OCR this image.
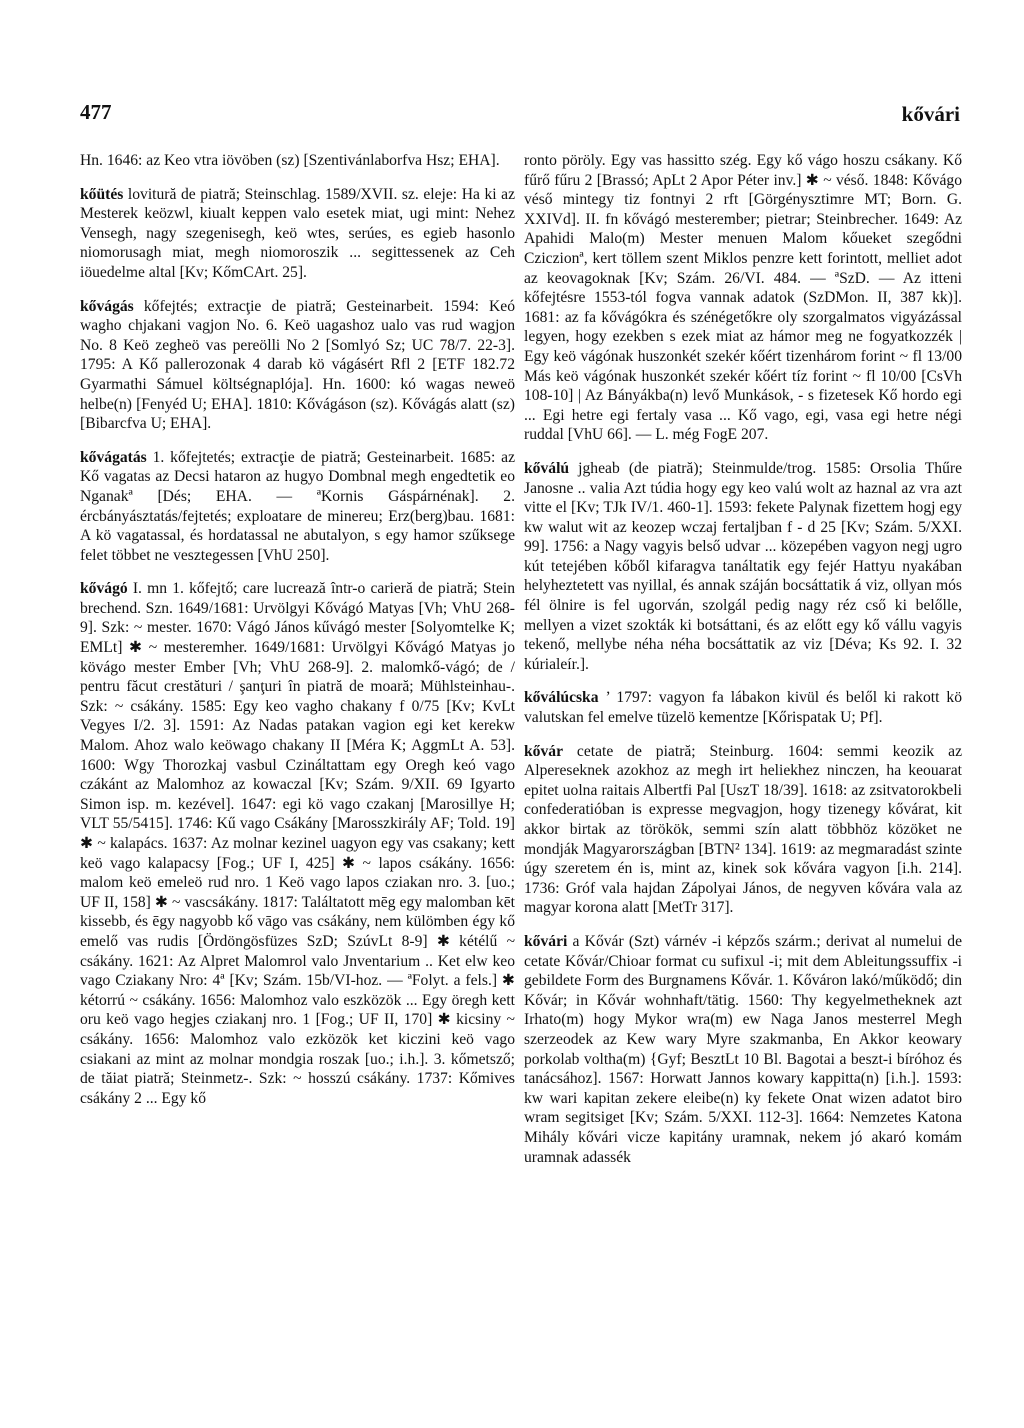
477	kővári

Hn. 1646: az Keo vtra iövöben (sz) [Szentivánlaborfva Hsz; EHA].

kőütés lovitură de piatră; Steinschlag. 1589/XVII. sz. eleje: Ha ki az Mesterek keözwl, kiualt keppen valo esetek miat, ugi mint: Nehez Vensegh, nagy szegenisegh, keö wtes, serúes, es egieb hasonlo niomorusagh miat, megh niomoroszik ... segittessenek az Ceh iöuedelme altal [Kv; KőmCArt. 25].

kővágás kőfejtés; extracţie de piatră; Gesteinarbeit. 1594: Keó wagho chjakani vagjon No. 6. Keö uagashoz ualo vas rud wagjon No. 8 Keö zegheö vas pereölli No 2 [Somlyó Sz; UC 78/7. 22-3]. 1795: A Kő pallerozonak 4 darab kö vágásért Rfl 2 [ETF 182.72 Gyarmathi Sámuel költségnaplója]. Hn. 1600: kó wagas neweö helbe(n) [Fenyéd U; EHA]. 1810: Kővágáson (sz). Kővágás alatt (sz) [Bibarcfva U; EHA].

kővágatás 1. kőfejtetés; extracţie de piatră; Gesteinarbeit. 1685: az Kő vagatas az Decsi hataron az hugyo Dombnal megh engedtetik eo Nganakª [Dés; EHA. — ªKornis Gáspárnénak]. 2. ércbányásztatás/fejtetés; exploatare de minereu; Erz(berg)bau. 1681: A kö vagatassal, és hordatassal ne abutalyon, s egy hamor szűksege felet többet ne vesztegessen [VhU 250].

kővágó I. mn 1. kőfejtő; care lucrează într-o carieră de piatră; Stein brechend. Szn. 1649/1681: Urvölgyi Kővágó Matyas [Vh; VhU 268-9]. Szk: ~ mester. 1670: Vágó János kűvágó mester [Solyomtelke K; EMLt] ✱ ~ mesteremher. 1649/1681: Urvölgyi Kővágó Matyas jo kövágo mester Ember [Vh; VhU 268-9]. 2. malomkő-vágó; de / pentru făcut crestături / şanţuri în piatră de moară; Mühlsteinhau-. Szk: ~ csákány. 1585: Egy keo vagho chakany f 0/75 [Kv; KvLt Vegyes I/2. 3]. 1591: Az Nadas patakan vagion egi ket kerekw Malom. Ahoz walo keöwago chakany II [Méra K; AggmLt A. 53]. 1600: Wgy Thorozkaj vasbul Czináltattam egy Oregh keó vago czákánt az Malomhoz az kowaczal [Kv; Szám. 9/XII. 69 Igyarto Simon isp. m. kezével]. 1647: egi kö vago czakanj [Marosillye H; VLT 55/5415]. 1746: Kű vago Csákány [Marosszkirály AF; Told. 19] ✱ ~ kalapács. 1637: Az molnar kezinel uagyon egy vas csakany; kett keö vago kalapacsy [Fog.; UF I, 425] ✱ ~ lapos csákány. 1656: malom keö emeleö rud nro. 1 Keö vago lapos cziakan nro. 3. [uo.; UF II, 158] ✱ ~ vascsákány. 1817: Találtatott mēg egy malomban kēt kissebb, és ēgy nagyobb kő vāgo vas csákány, nem külömben égy kő emelő vas rudis [Ördöngösfüzes SzD; SzúvLt 8-9] ✱ kétélű ~ csákány. 1621: Az Alpret Malomrol valo Jnventarium .. Ket elw keo vago Cziakany Nro: 4ª [Kv; Szám. 15b/VI-hoz. — ªFolyt. a fels.] ✱ kétorrú ~ csákány. 1656: Malomhoz valo eszközök ... Egy öregh kett oru keö vago hegjes cziakanj nro. 1 [Fog.; UF II, 170] ✱ kicsiny ~ csákány. 1656: Malomhoz valo ezközök ket kiczini keö vago csiakani az mint az molnar mondgia roszak [uo.; i.h.]. 3. kőmetsző; de tăiat piatră; Steinmetz-. Szk: ~ hosszú csákány. 1737: Kőmives csákány 2 ... Egy kő

ronto pöröly. Egy vas hassitto szég. Egy kő vágo hoszu csákany. Kő fűrő fűru 2 [Brassó; ApLt 2 Apor Péter inv.] ✱ ~ véső. 1848: Kővágo véső mintegy tiz fontnyi 2 rft [Görgénysztimre MT; Born. G. XXIVd]. II. fn kővágó mesterember; pietrar; Steinbrecher. 1649: Az Apahidi Malo(m) Mester menuen Malom kőueket szegődni Cziczionª, kert töllem szent Miklos penzre kett forintott, melliet adot az keovagoknak [Kv; Szám. 26/VI. 484. — ªSzD. — Az itteni kőfejtésre 1553-tól fogva vannak adatok (SzDMon. II, 387 kk)]. 1681: az fa kővágókra és szénégetőkre oly szorgalmatos vigyázással legyen, hogy ezekben s ezek miat az hámor meg ne fogyatkozzék | Egy keö vágónak huszonkét szekér kőért tizenhárom forint ~ fl 13/00 Más keö vágónak huszonkét szekér kőért tíz forint ~ fl 10/00 [CsVh 108-10] | Az Bányákba(n) levő Munkások, - s fizetesek Kő hordo egi ... Egi hetre egi fertaly vasa ... Kő vago, egi, vasa egi hetre négi ruddal [VhU 66]. — L. még FogE 207.

kőválú jgheab (de piatră); Steinmulde/trog. 1585: Orsolia Thűre Janosne .. valia Azt túdia hogy egy keo valú wolt az haznal az vra azt vitte el [Kv; TJk IV/1. 460-1]. 1593: fekete Palynak fizettem hogj egy kw walut wit az keozep wczaj fertaljban f - d 25 [Kv; Szám. 5/XXI. 99]. 1756: a Nagy vagyis belső udvar ... közepében vagyon negj ugro kút tetejében kőből kifaragva tanáltatik egy fejér Hattyu nyakában helyheztetett vas nyillal, és annak száján bocsáttatik á viz, ollyan mós fél ölnire is fel ugorván, szolgál pedig nagy réz cső ki belőlle, mellyen a vizet szokták ki botsáttani, és az előtt egy kő vállu vagyis tekenő, mellybe néha néha bocsáttatik az viz [Déva; Ks 92. I. 32 kúrialeír.].

kőválúcska ’ 1797: vagyon fa lábakon kivül és belől ki rakott kö valutskan fel emelve tüzelö kementze [Kőrispatak U; Pf].

kővár cetate de piatră; Steinburg. 1604: semmi keozik az Alpereseknek azokhoz az megh irt heliekhez ninczen, ha keouarat epitet uolna raitais Albertfi Pal [UszT 18/39]. 1618: az zsitvatorokbeli confederatióban is expresse megvagjon, hogy tizenegy kővárat, kit akkor birtak az törökök, semmi szín alatt többhöz közöket ne mondják Magyarországban [BTN² 134]. 1619: az megmaradást szinte úgy szeretem én is, mint az, kinek sok kővára vagyon [i.h. 214]. 1736: Gróf vala hajdan Zápolyai János, de negyven kővára vala az magyar korona alatt [MetTr 317].

kővári a Kővár (Szt) várnév -i képzős szárm.; derivat al numelui de cetate Kővár/Chioar format cu sufixul -i; mit dem Ableitungssuffix -i gebildete Form des Burgnamens Kővár. 1. Kőváron lakó/működő; din Kővár; in Kővár wohnhaft/tätig. 1560: Thy kegyelmetheknek azt Irhato(m) hogy Mykor wra(m) ew Naga Janos mesterrel Megh szerzeodek az Kew wary Myre szakmanba, En Akkor keowary porkolab voltha(m) {Gyf; BesztLt 10 Bl. Bagotai a beszt-i bíróhoz és tanácsához]. 1567: Horwatt Jannos kowary kappitta(n) [i.h.]. 1593: kw wari kapitan zekere eleibe(n) ky fekete Onat wizen adatot biro wram segitsiget [Kv; Szám. 5/XXI. 112-3]. 1664: Nemzetes Katona Mihály kővári vicze kapitány uramnak, nekem jó akaró komám uramnak adassék
